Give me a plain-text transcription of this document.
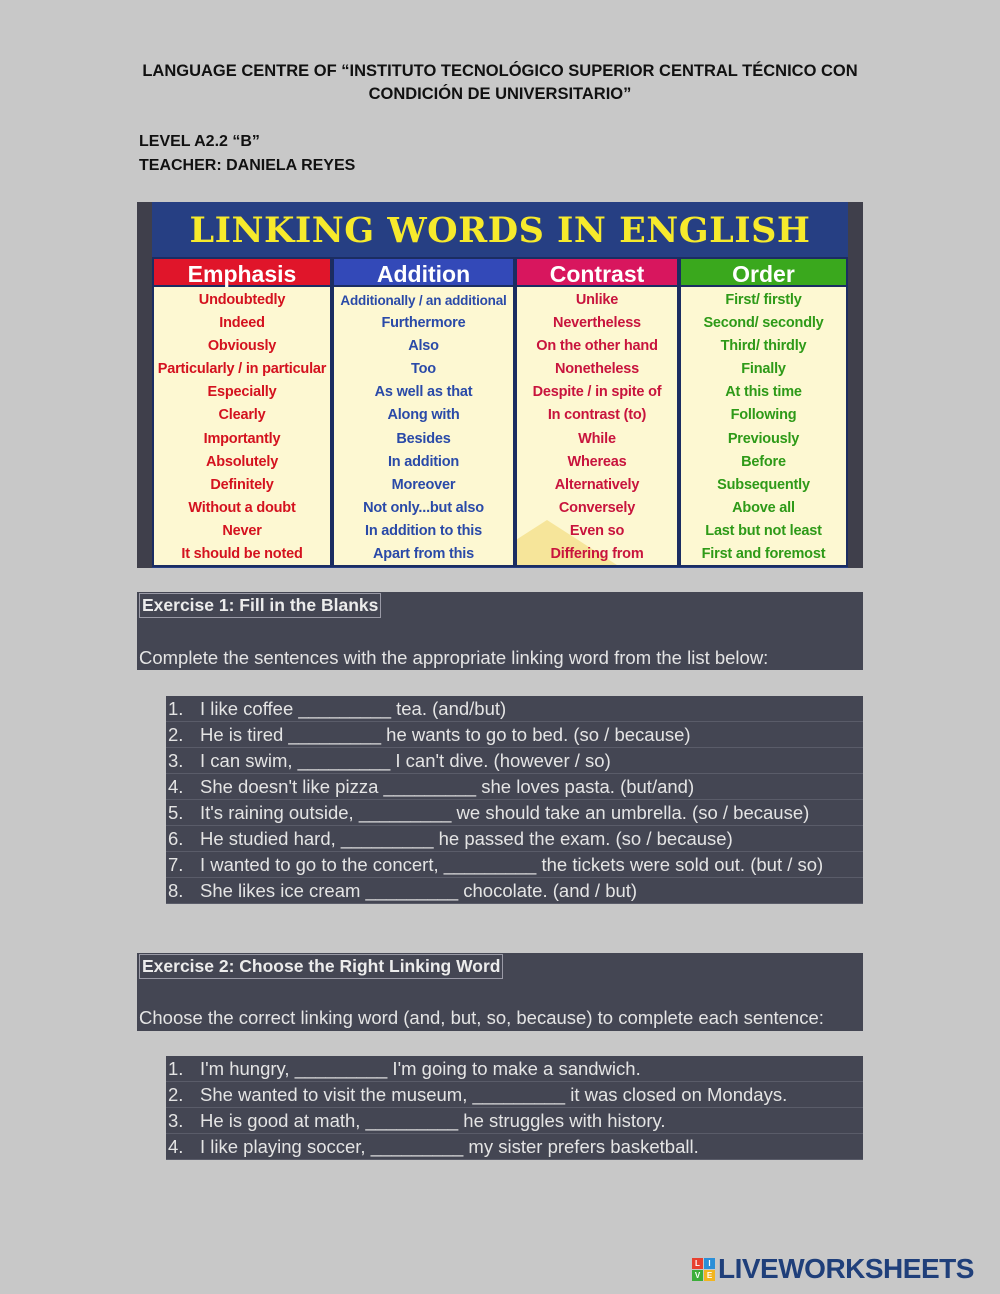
LANGUAGE CENTRE OF “INSTITUTO TECNOLÓGICO SUPERIOR CENTRAL TÉCNICO CON
CONDICIÓN DE UNIVERSITARIO”
LEVEL A2.2 “B”
TEACHER: DANIELA REYES
LINKING WORDS IN ENGLISH
Emphasis
Undoubtedly
Indeed
Obviously
Particularly / in particular
Especially
Clearly
Importantly
Absolutely
Definitely
Without a doubt
Never
It should be noted
Addition
Additionally / an additional
Furthermore
Also
Too
As well as that
Along with
Besides
In addition
Moreover
Not only...but also
In addition to this
Apart from this
Contrast
Unlike
Nevertheless
On the other hand
Nonetheless
Despite / in spite of
In contrast (to)
While
Whereas
Alternatively
Conversely
Even so
Differing from
Order
First/ firstly
Second/ secondly
Third/ thirdly
Finally
At this time
Following
Previously
Before
Subsequently
Above all
Last but not least
First and foremost
Exercise 1: Fill in the Blanks
Complete the sentences with the appropriate linking word from the list below:
1. I like coffee _________ tea. (and/but)
2. He is tired _________ he wants to go to bed. (so / because)
3. I can swim, _________ I can't dive. (however / so)
4. She doesn't like pizza _________ she loves pasta. (but/and)
5. It's raining outside, _________ we should take an umbrella. (so / because)
6. He studied hard, _________ he passed the exam. (so / because)
7. I wanted to go to the concert, _________ the tickets were sold out. (but / so)
8. She likes ice cream _________ chocolate. (and / but)
Exercise 2: Choose the Right Linking Word
Choose the correct linking word (and, but, so, because) to complete each sentence:
1. I'm hungry, _________ I'm going to make a sandwich.
2. She wanted to visit the museum, _________ it was closed on Mondays.
3. He is good at math, _________ he struggles with history.
4. I like playing soccer, _________ my sister prefers basketball.
L	I
V E LIVEWORKSHEETS
